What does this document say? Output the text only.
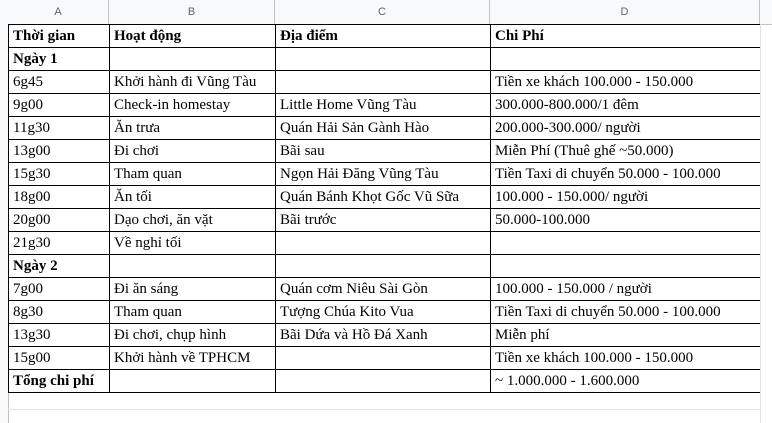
A	B	C	D
Thời gian	Hoạt động	Địa điểm	Chi Phí
Ngày 1			
6g45	Khởi hành đi Vũng Tàu		Tiền xe khách 100.000 - 150.000
9g00	Check-in homestay	Little Home Vũng Tàu	300.000-800.000/1 đêm
11g30	Ăn trưa	Quán Hải Sản Gành Hào	200.000-300.000/ người
13g00	Đi chơi	Bãi sau	Miễn Phí (Thuê ghế ~50.000)
15g30	Tham quan	Ngọn Hải Đăng Vũng Tàu	Tiền Taxi di chuyển 50.000 - 100.000
18g00	Ăn tối	Quán Bánh Khọt Gốc Vũ Sữa	100.000 - 150.000/ người
20g00	Dạo chơi, ăn vặt	Bãi trước	50.000-100.000
21g30	Về nghỉ tối		
Ngày 2			
7g00	Đi ăn sáng	Quán cơm Niêu Sài Gòn	100.000 - 150.000 / người
8g30	Tham quan	Tượng Chúa Kito Vua	Tiền Taxi di chuyển 50.000 - 100.000
13g30	Đi chơi, chụp hình	Bãi Dứa và Hồ Đá Xanh	Miễn phí
15g00	Khởi hành về TPHCM		Tiền xe khách 100.000 - 150.000
Tổng chi phí			~ 1.000.000 - 1.600.000
